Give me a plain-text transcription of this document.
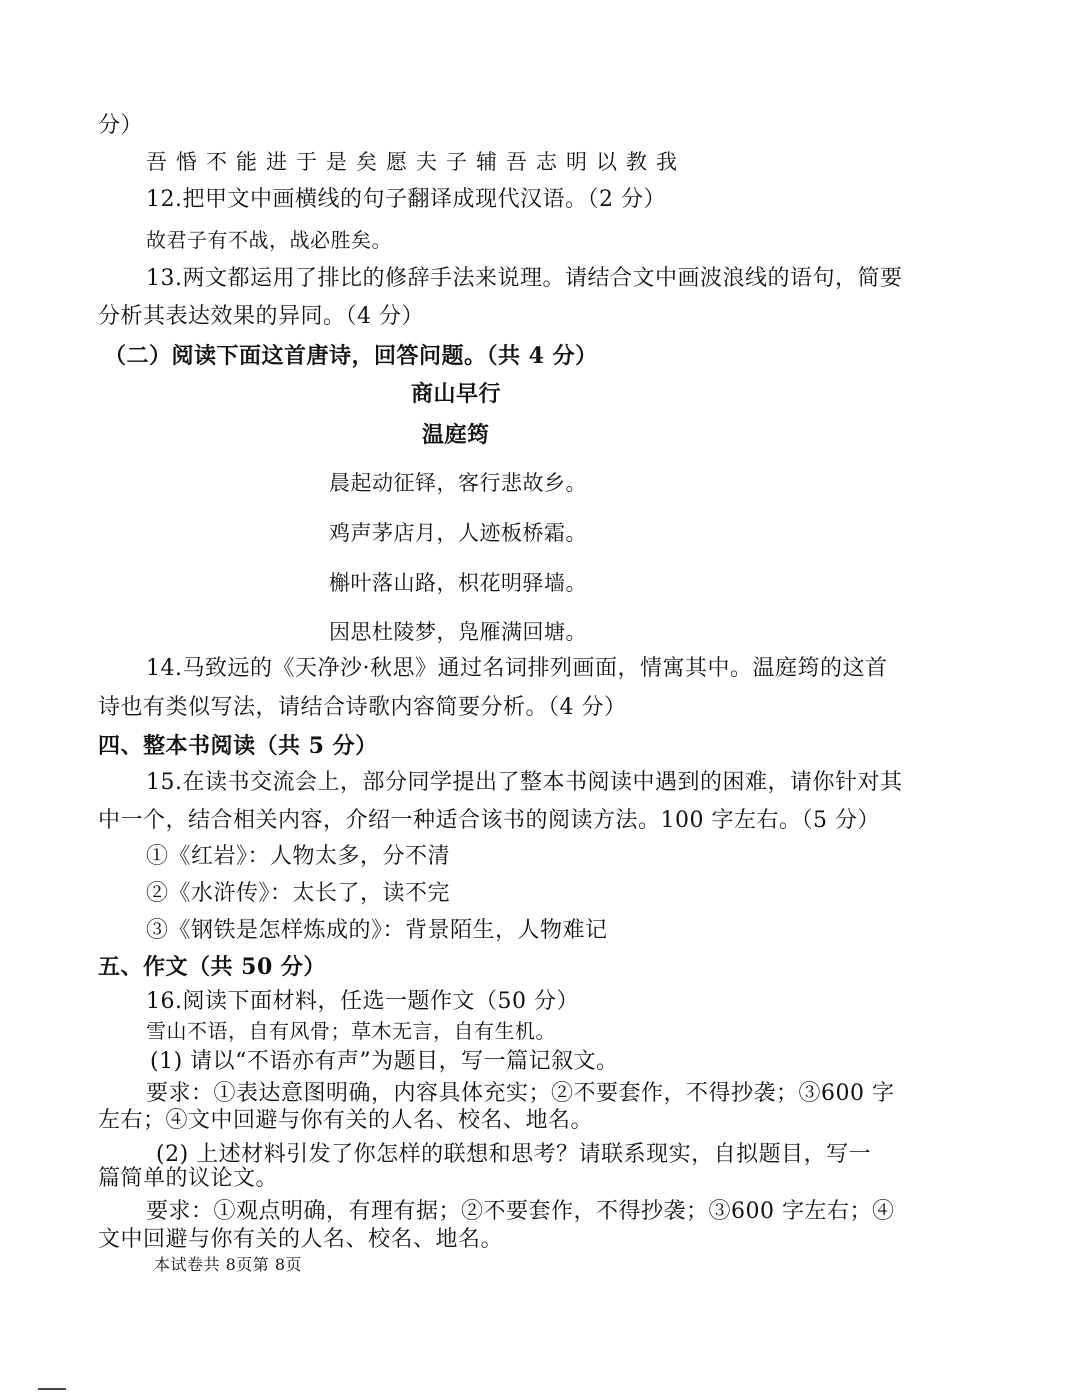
分）
吾惛不能进于是矣愿夫子辅吾志明以教我
12.把甲文中画横线的句子翻译成现代汉语。（2 分）
故君子有不战，战必胜矣。
13.两文都运用了排比的修辞手法来说理。请结合文中画波浪线的语句，简要
分析其表达效果的异同。（4 分）
（二）阅读下面这首唐诗，回答问题。（共 4 分）
商山早行
温庭筠
晨起动征铎，客行悲故乡。
鸡声茅店月，人迹板桥霜。
槲叶落山路，枳花明驿墙。
因思杜陵梦，凫雁满回塘。
14.马致远的《天净沙·秋思》通过名词排列画面，情寓其中。温庭筠的这首
诗也有类似写法，请结合诗歌内容简要分析。（4 分）
四、整本书阅读（共 5 分）
15.在读书交流会上，部分同学提出了整本书阅读中遇到的困难，请你针对其
中一个，结合相关内容，介绍一种适合该书的阅读方法。100 字左右。（5 分）
①《红岩》：人物太多，分不清
②《水浒传》：太长了，读不完
③《钢铁是怎样炼成的》：背景陌生，人物难记
五、作文（共 50 分）
16.阅读下面材料，任选一题作文（50 分）
雪山不语，自有风骨；草木无言，自有生机。
(1) 请以“不语亦有声”为题目，写一篇记叙文。
要求：①表达意图明确，内容具体充实；②不要套作，不得抄袭；③600 字
左右；④文中回避与你有关的人名、校名、地名。
(2) 上述材料引发了你怎样的联想和思考？请联系现实，自拟题目，写一
篇简单的议论文。
要求：①观点明确，有理有据；②不要套作，不得抄袭；③600 字左右；④
文中回避与你有关的人名、校名、地名。
本试卷共 8页第 8页
